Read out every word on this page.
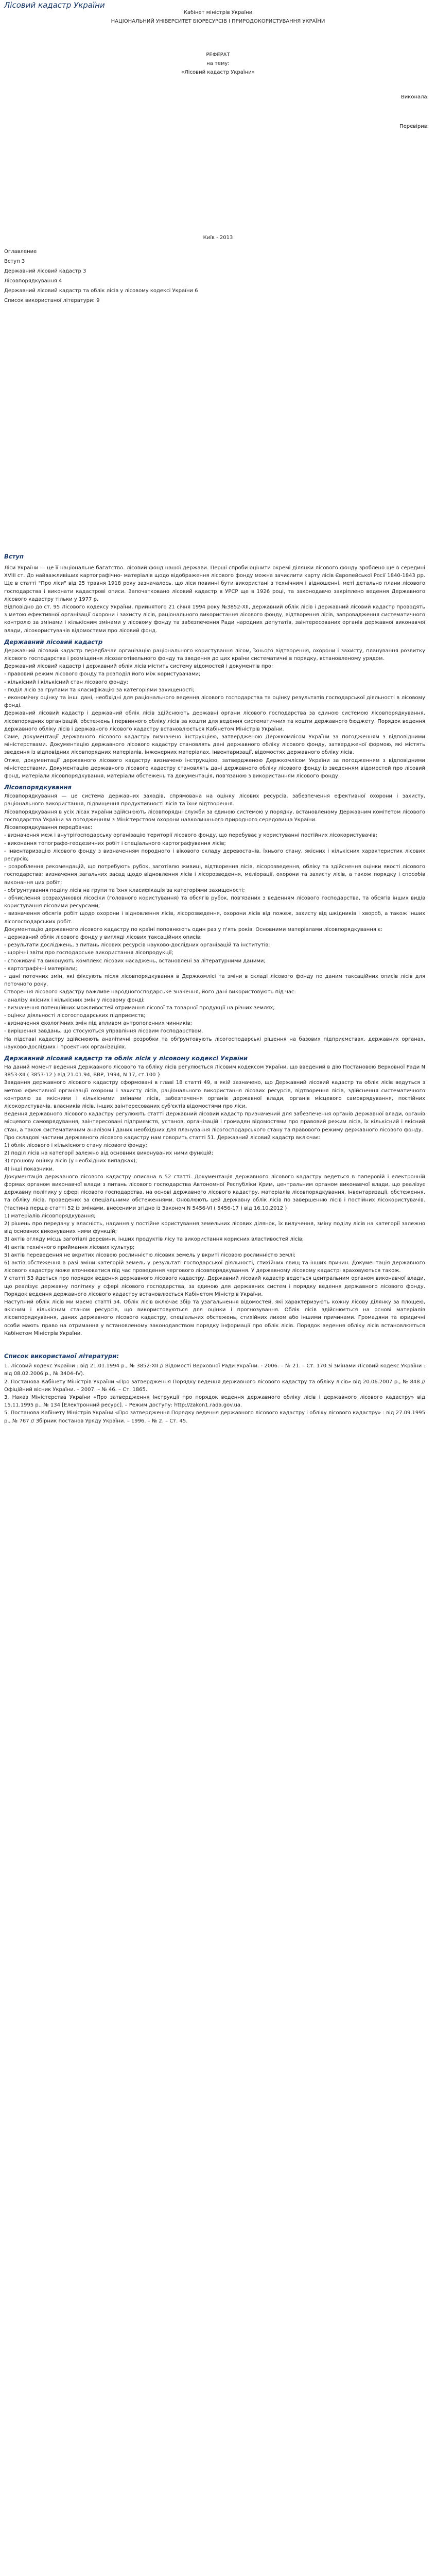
Лісовий кадастр України
Кабінет міністрів України
НАЦІОНАЛЬНИЙ УНІВЕРСИТЕТ БІОРЕСУРСІВ І ПРИРОДОКОРИСТУВАННЯ УКРАЇНИ
РЕФЕРАТ
на тему:
«Лісовий кадастр України»
Виконала:
Перевірив:
Київ - 2013
Оглавление
Вступ 3
Державний лісовий кадастр 3
Лісовпорядкування 4
Державний лісовий кадастр та облік лісів у лісовому кодексі України 6
Список використаної літератури: 9
Вступ

Ліси України — це її національне багатство. лісовий фонд нашої держави. Перші спроби оцінити окремі ділянки лісового фонду зроблено ще в середині XVIII ст. До найважливіших картографічно- матеріалів щодо відображення лісового фонду можна зачислити карту лісів Європейської Росії 1840-1843 рр. Ще в статті "Про ліси" від 25 травня 1918 року зазначалось, що ліси повинні бути використані з технічним і відношенні, меті детально плани лісового господарства і виконати кадастрові описи. Започатковано лісовий кадастр в УРСР ще в 1926 році, та законодавчо закріплено ведення Державного лісового кадастру тільки у 1977 р.

Відповідно до ст. 95 Лісового кодексу України, прийнятого 21 січня 1994 року №3852-XII, державний облік лісів і державний лісовий кадастр проводять з метою ефективної організації охорони і захисту лісів, раціонального використання лісового фонду, відтворення лісів, запровадження систематичного контролю за змінами і кількісним змінами у лісовому фонду та забезпечення Ради народних депутатів, заінтересованих органів державної виконавчої влади, лісокористувачів відомостями про лісовий фонд.

Державний лісовий кадастр

Державний лісовий кадастр передбачає організацію раціонального користування лісом, їхнього відтворення, охорони і захисту, планування розвитку лісового господарства і розміщення лісозаготівельного фонду та зведення до цих країни систематичні в порядку, встановленому урядом.

Державний лісовий кадастр і державний облік лісів містить систему відомостей і документів про:

- правовий режим лісового фонду та розподіл його між користувачами;

- кількісний і кількісний стан лісового фонду;

- поділ лісів за групами та класифікацію за категоріями захищеності;

- економічну оцінку та інші дані, необхідні для раціонального ведення лісового господарства та оцінку результатів господарської діяльності в лісовому фонді.

Державний лісовий кадастр і державний облік лісів здійснюють державні органи лісового господарства за єдиною системою лісовпорядкування, лісовпорядних організацій, обстежень і первинного обліку лісів за кошти для ведення систематичних та кошти державного бюджету. Порядок ведення державного обліку лісів і державного лісового кадастру встановлюється Кабінетом Міністрів України.

Саме, документації державного лісового кадастру визначено інструкцією, затвердженою Держкомлісом України за погодженням з відповідними міністерствами. Документацію державного лісового кадастру становлять дані державного обліку лісового фонду, затвердженої формою, які містять зведення із відповідних лісовпорядних матеріалів, інженерних матеріалах, інвентаризації, відомостях державного обліку лісів.

Отже, документації державного лісового кадастру визначено інструкцією, затвердженою Держкомлісом України за погодженням з відповідними міністерствами. Документацію державного лісового кадастру становлять дані державного обліку лісового фонду із зведенням відомостей про лісовий фонд, матеріали лісовпорядкування, матеріали обстежень та документація, пов'язаною з використанням лісового фонду.

Лісовпорядкування

Лісовпорядкування — це система державних заходів, спрямована на оцінку лісових ресурсів, забезпечення ефективної охорони і захисту, раціонального використання, підвищення продуктивності лісів та їхнє відтворення.

Лісовпорядкування в усіх лісах України здійснюють лісовпорядні служби за єдиною системою у порядку, встановленому Державним комітетом лісового господарства України за погодженням з Міністерством охорони навколишнього природного середовища України.

Лісовпорядкування передбачає:

- визначення меж і внутрігосподарську організацію території лісового фонду, що перебуває у користуванні постійних лісокористувачів;

- виконання топографо-геодезичних робіт і спеціального картографування лісів;

- інвентаризацію лісового фонду з визначенням породного і вікового складу деревостанів, їхнього стану, якісних і кількісних характеристик лісових ресурсів;

- розроблення рекомендацій, що потребують рубок, заготівлю живиці, відтворення лісів, лісорозведення, обліку та здійснення оцінки якості лісового господарства; визначення загальних засад щодо відновлення лісів і лісорозведення, меліорації, охорони та захисту лісів, а також порядку і способів виконання цих робіт;

- обґрунтування поділу лісів на групи та їхня класифікація за категоріями захищеності;

- обчислення розрахункової лісосіки (головного користування) та обсягів рубок, пов'язаних з веденням лісового господарства, та обсягів інших видів користування лісовими ресурсами;

- визначення обсягів робіт щодо охорони і відновлення лісів, лісорозведення, охорони лісів від пожеж, захисту від шкідників і хвороб, а також інших лісогосподарських робіт.

Документацію державного лісового кадастру по країні поповнюють один раз у п'ять років. Основними матеріалами лісовпорядкування є:

- державний облік лісового фонду у вигляді лісових таксаційних описів;

- результати досліджень, з питань лісових ресурсів науково-дослідних організацій та інститутів;

- щорічні звіти про господарське використання лісопродукції;

- споживачі та виконують комплекс лісових насаджень, встановлені за літературними даними;

- картографічні матеріали;

- дані поточних змін, які фіксують після лісовпорядкування в Держкомлісі та зміни в складі лісового фонду по даним таксаційних описів лісів для поточного року.

Створення лісового кадастру важливе народногосподарське значення, його дані використовують під час:

- аналізу якісних і кількісних змін у лісовому фонді;

- визначення потенційних можливостей отримання лісової та товарної продукції на різних землях;

- оцінки діяльності лісогосподарських підприємств;

- визначення екологічних змін під впливом антропогенних чинників;

- вирішення завдань, що стосуються управління лісовим господарством.

На підставі кадастру здійснюють аналітичні розробки та обґрунтовують лісогосподарські рішення на базових підприємствах, державних органах, науково-дослідних і проектних організаціях.

Державний лісовий кадастр та облік лісів у лісовому кодексі України

На даний момент ведення Державного лісового та обліку лісів регулюється Лісовим кодексом України, що введений в дію Постановою Верховної Ради N 3853-XII ( 3853-12 ) від 21.01.94, ВВР, 1994, N 17, ст.100 }

Завдання державного лісового кадастру сформовані в главі 18 статті 49, в якій зазначено, що Державний лісовий кадастр та облік лісів ведуться з метою ефективної організації охорони і захисту лісів, раціонального використання лісових ресурсів, відтворення лісів, здійснення систематичного контролю за якісними і кількісними змінами лісів, забезпечення органів державної влади, органів місцевого самоврядування, постійних лісокористувачів, власників лісів, інших заінтересованих суб'єктів відомостями про ліси.

Ведення державного лісового кадастру регулюють статті Державний лісовий кадастр призначений для забезпечення органів державної влади, органів місцевого самоврядування, заінтересовані підприємств, установ, організацій і громадян відомостями про правовий режим лісів, їх кількісний і якісний стан, а також систематичним аналізом і даних необхідних для планування лісогосподарського стану та правового режиму державного лісового фонду.

Про складові частини державного лісового кадастру нам говорить статті 51. Державний лісовий кадастр включає:

1) облік лісового і кількісного стану лісового фонду;

2) поділ лісів на категорії залежно від основних виконуваних ними функцій;

3) грошову оцінку лісів (у необхідних випадках);

4) інші показники.

Документація державного лісового кадастру описана в 52 статті. Документація державного лісового кадастру ведеться в паперовій і електронній формах органом виконавчої влади з питань лісового господарства Автономної Республіки Крим, центральним органом виконавчої влади, що реалізує державну політику у сфері лісового господарства, на основі державного лісового кадастру, матеріалів лісовпорядкування, інвентаризації, обстеження, та обліку лісів, проведених за спеціальними обстеженнями. Оновлюють цей державну облік лісів по завершенню лісів і постійних лісокористувачів. (Частина перша статті 52 із змінами, внесеними згідно із Законом N 5456-VI ( 5456-17 ) від 16.10.2012 )

1) матеріалів лісовпорядкування;

2) рішень про передачу у власність, надання у постійне користування земельних лісових ділянок, їх вилучення, зміну поділу лісів на категорії залежно від основних виконуваних ними функцій;

3) актів огляду місць заготівлі деревини, інших продуктів лісу та використання корисних властивостей лісів;

4) актів технічного приймання лісових культур;

5) актів переведення не вкритих лісовою рослинністю лісових земель у вкриті лісовою рослинністю землі;

6) актів обстеження в разі зміни категорій земель у результаті господарської діяльності, стихійних явищ та інших причин. Документація державного лісового кадастру може вточнюватися під час проведення чергового лісовпорядкування. У державному лісовому кадастрі враховуються також.

У статті 53 йдеться про порядок ведення державного лісового кадастру. Державний лісовий кадастр ведеться центральним органом виконавчої влади, що реалізує державну політику у сфері лісового господарства, за єдиною для державних систем і порядку ведення державного лісового фонду. Порядок ведення державного лісового кадастру встановлюється Кабінетом Міністрів України.

Наступний облік лісів ми маємо статті 54. Облік лісів включає збір та узагальнення відомостей, які характеризують кожну лісову ділянку за площею, якісним і кількісним станом ресурсів, що використовуються для оцінки і прогнозування. Облік лісів здійснюється на основі матеріалів лісовпорядкування, даних державного лісового кадастру, спеціальних обстежень, стихійних лихом або іншими причинами. Громадяни та юридичні особи мають право на отримання у встановленому законодавством порядку інформації про облік лісів. Порядок ведення обліку лісів встановлюється Кабінетом Міністрів України.

Список використаної літератури:
1. Лісовий кодекс України : від 21.01.1994 р., № 3852-XII // Відомості Верховної Ради України. - 2006. – № 21. – Ст. 170 зі змінами Лісовий кодекс України : від 08.02.2006 р., № 3404–IV).
2. Постанова Кабінету Міністрів України «Про затвердження Порядку ведення державного лісового кадастру та обліку лісів» від 20.06.2007 р., № 848 // Офіційний вісник України. – 2007. – № 46. – Ст. 1865.
3. Наказ Міністерства України «Про затвердження Інструкції про порядок ведення державного обліку лісів і державного лісового кадастру» від 15.11.1995 р., № 134 [Електронний ресурс]. – Режим доступу: http://zakon1.rada.gov.ua.
5. Постанова Кабінету Міністрів України «Про затвердження Порядку ведення державного лісового кадастру і обліку лісового кадастру» : від 27.09.1995 р., № 767 // Збірник постанов Уряду України. – 1996. – № 2. – Ст. 45.
